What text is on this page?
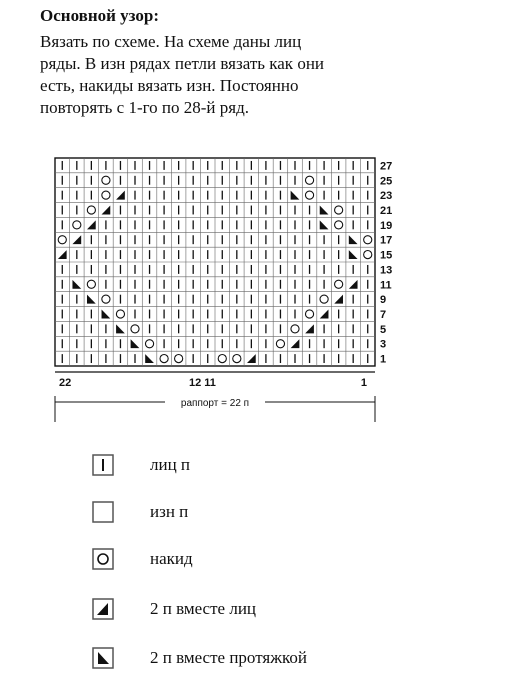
Основной узор:
Вязать по схеме. На схеме даны лиц
ряды. В изн рядах петли вязать как они
есть, накиды вязать изн. Постоянно
повторять с 1-го по 28-й ряд.
27
25
23
21
19
17
15
13
11
9
7
5
3
1
22	12 11	1
раппорт = 22 п
лиц п
изн п
накид
2 п вместе лиц
2 п вместе протяжкой
